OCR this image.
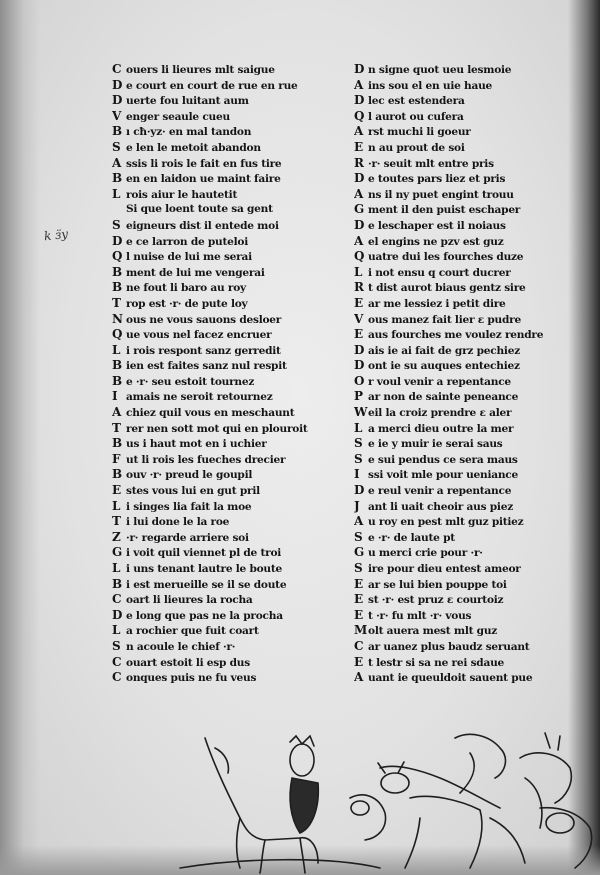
k ɜ̈y
C ouers li lieures mlt saigue
D e court en court de rue en rue
D uerte fou luitant aum
V enger seaule cueu
B ı cħ·yz· en mal tandon
S e len le metoit abandon
A ssis li rois le fait en fus tire
B en en laidon ue maint faire
L rois aiur le hautetit
Si que loent toute sa gent
S eigneurs dist il entede moi
D e ce larron de puteloi
Q l nuise de lui me serai
B ment de lui me vengerai
B ne fout li baro au roy
T rop est ·r· de pute loy
N ous ne vous sauons desloer
Q ue vous nel facez encruer
L i rois respont sanz gerredit
B ien est faites sanz nul respit
B e ·r· seu estoit tournez
I amais ne seroit retournez
A chiez quil vous en meschaunt
T rer nen sott mot qui en plouroit
B us i haut mot en i uchier
F ut li rois les fueches drecier
B ouv ·r· preud le goupil
E stes vous lui en gut pril
L i singes lia fait la moe
T i lui done le la roe
Z ·r· regarde arriere soi
G i voit quil viennet pl de troi
L i uns tenant lautre le boute
B i est merueille se il se doute
C oart li lieures la rocha
D e long que pas ne la procha
L a rochier que fuit coart
S n acoule le chief ·r·
C ouart estoit li esp dus
C onques puis ne fu veus
D n signe quot ueu lesmoie
A ins sou el en uie haue
D lec est estendera
Q l aurot ou cufera
A rst muchi li goeur
E n au prout de soi
R ·r· seuit mlt entre pris
D e toutes pars liez et pris
A ns il ny puet engint trouu
G ment il den puist eschaper
D e leschaper est il noiaus
A el engins ne pzv est guz
Q uatre dui les fourches duze
L i not ensu q court ducrer
R t dist aurot biaus gentz sire
E ar me lessiez i petit dire
V ous manez fait lier ɛ pudre
E aus fourches me voulez rendre
D ais ie ai fait de grz pechiez
D ont ie su auques entechiez
O r voul venir a repentance
P ar non de sainte peneance
Weil la croiz prendre ɛ aler
L a merci dieu outre la mer
S e ie y muir ie serai saus
S e sui pendus ce sera maus
I ssi voit mle pour ueniance
D e reul venir a repentance
J ant li uait cheoir aus piez
A u roy en pest mlt guz pitiez
S e ·r· de laute pt
G u merci crie pour ·r·
S ire pour dieu entest ameor
E ar se lui bien pouppe toi
E st ·r· est pruz ɛ courtoiz
E t ·r· fu mlt ·r· vous
Molt auera mest mlt guz
C ar uanez plus baudz seruant
E t lestr si sa ne rei sdaue
A uant ie queuldoit sauent pue
